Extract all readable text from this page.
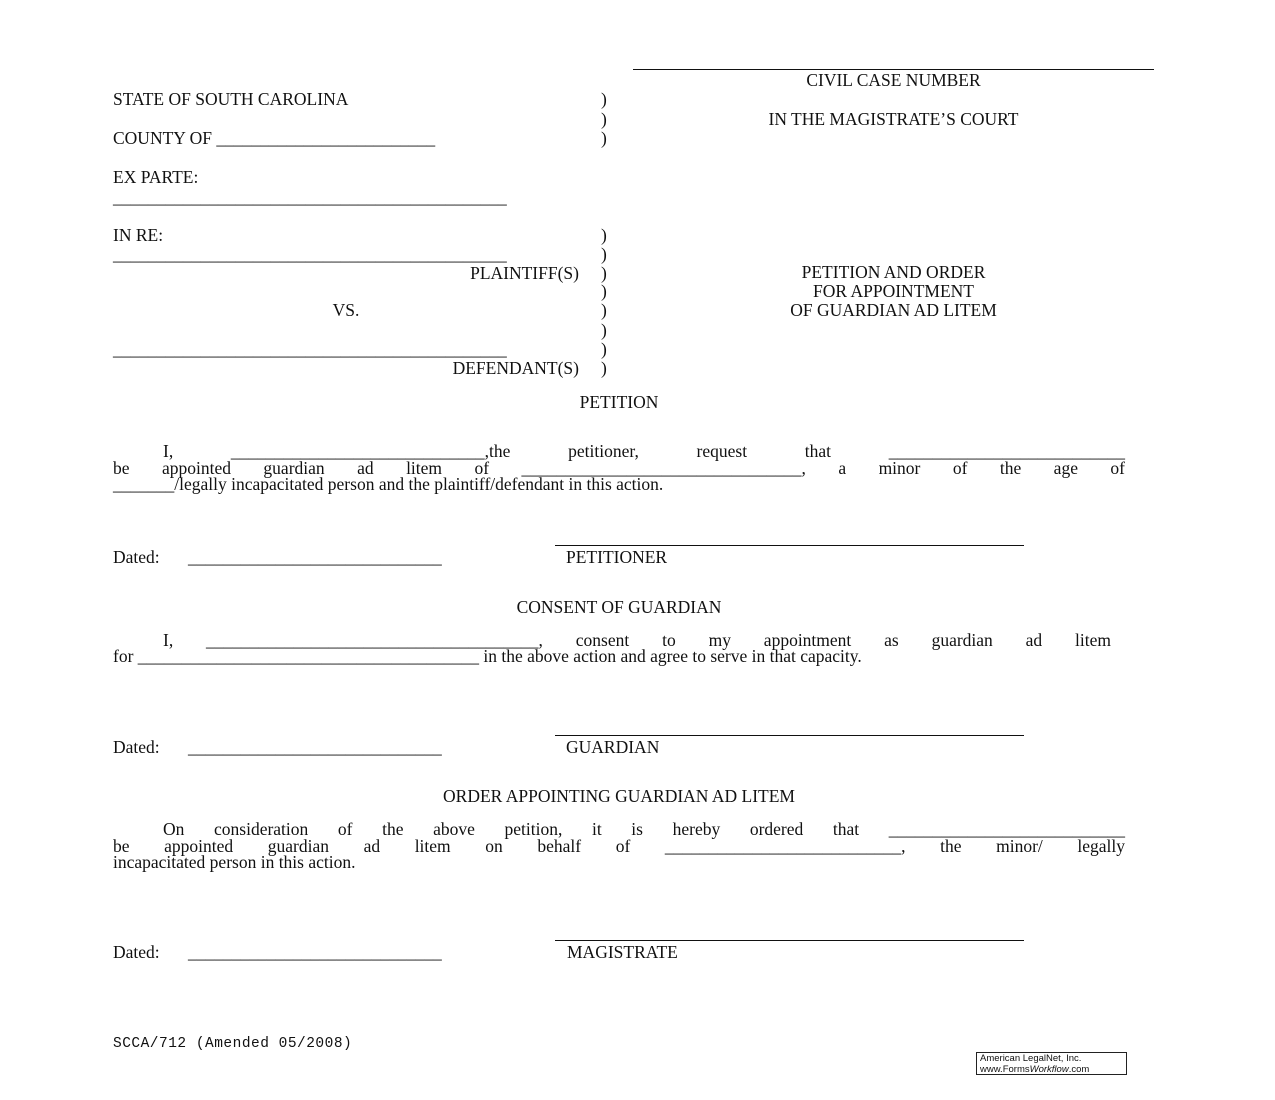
CIVIL CASE NUMBER
STATE OF SOUTH CAROLINA
IN THE MAGISTRATE’S COURT
COUNTY OF _________________________
)
)
)
EX PARTE:
_____________________________________________
IN RE:
_____________________________________________
PLAINTIFF(S)
VS.
_____________________________________________
DEFENDANT(S)
)
)
)
)
)
)
)
)
PETITION AND ORDER
FOR APPOINTMENT
OF GUARDIAN AD LITEM
PETITION
I, _____________________________,the petitioner, request that ___________________________
be appointed guardian ad litem of ________________________________, a minor of the age of
_______/legally incapacitated person and the plaintiff/defendant in this action.
Dated: _____________________________	PETITIONER
CONSENT OF GUARDIAN
I, ______________________________________, consent to my appointment as guardian ad litem
for _______________________________________ in the above action and agree to serve in that capacity.
Dated: _____________________________	GUARDIAN
ORDER APPOINTING GUARDIAN AD LITEM
On consideration of the above petition, it is hereby ordered that ___________________________
be appointed guardian ad litem on behalf of ___________________________, the minor/ legally
incapacitated person in this action.
Dated: _____________________________	MAGISTRATE
SCCA/712 (Amended 05/2008)
American LegalNet, Inc.
www.FormsWorkflow.com
